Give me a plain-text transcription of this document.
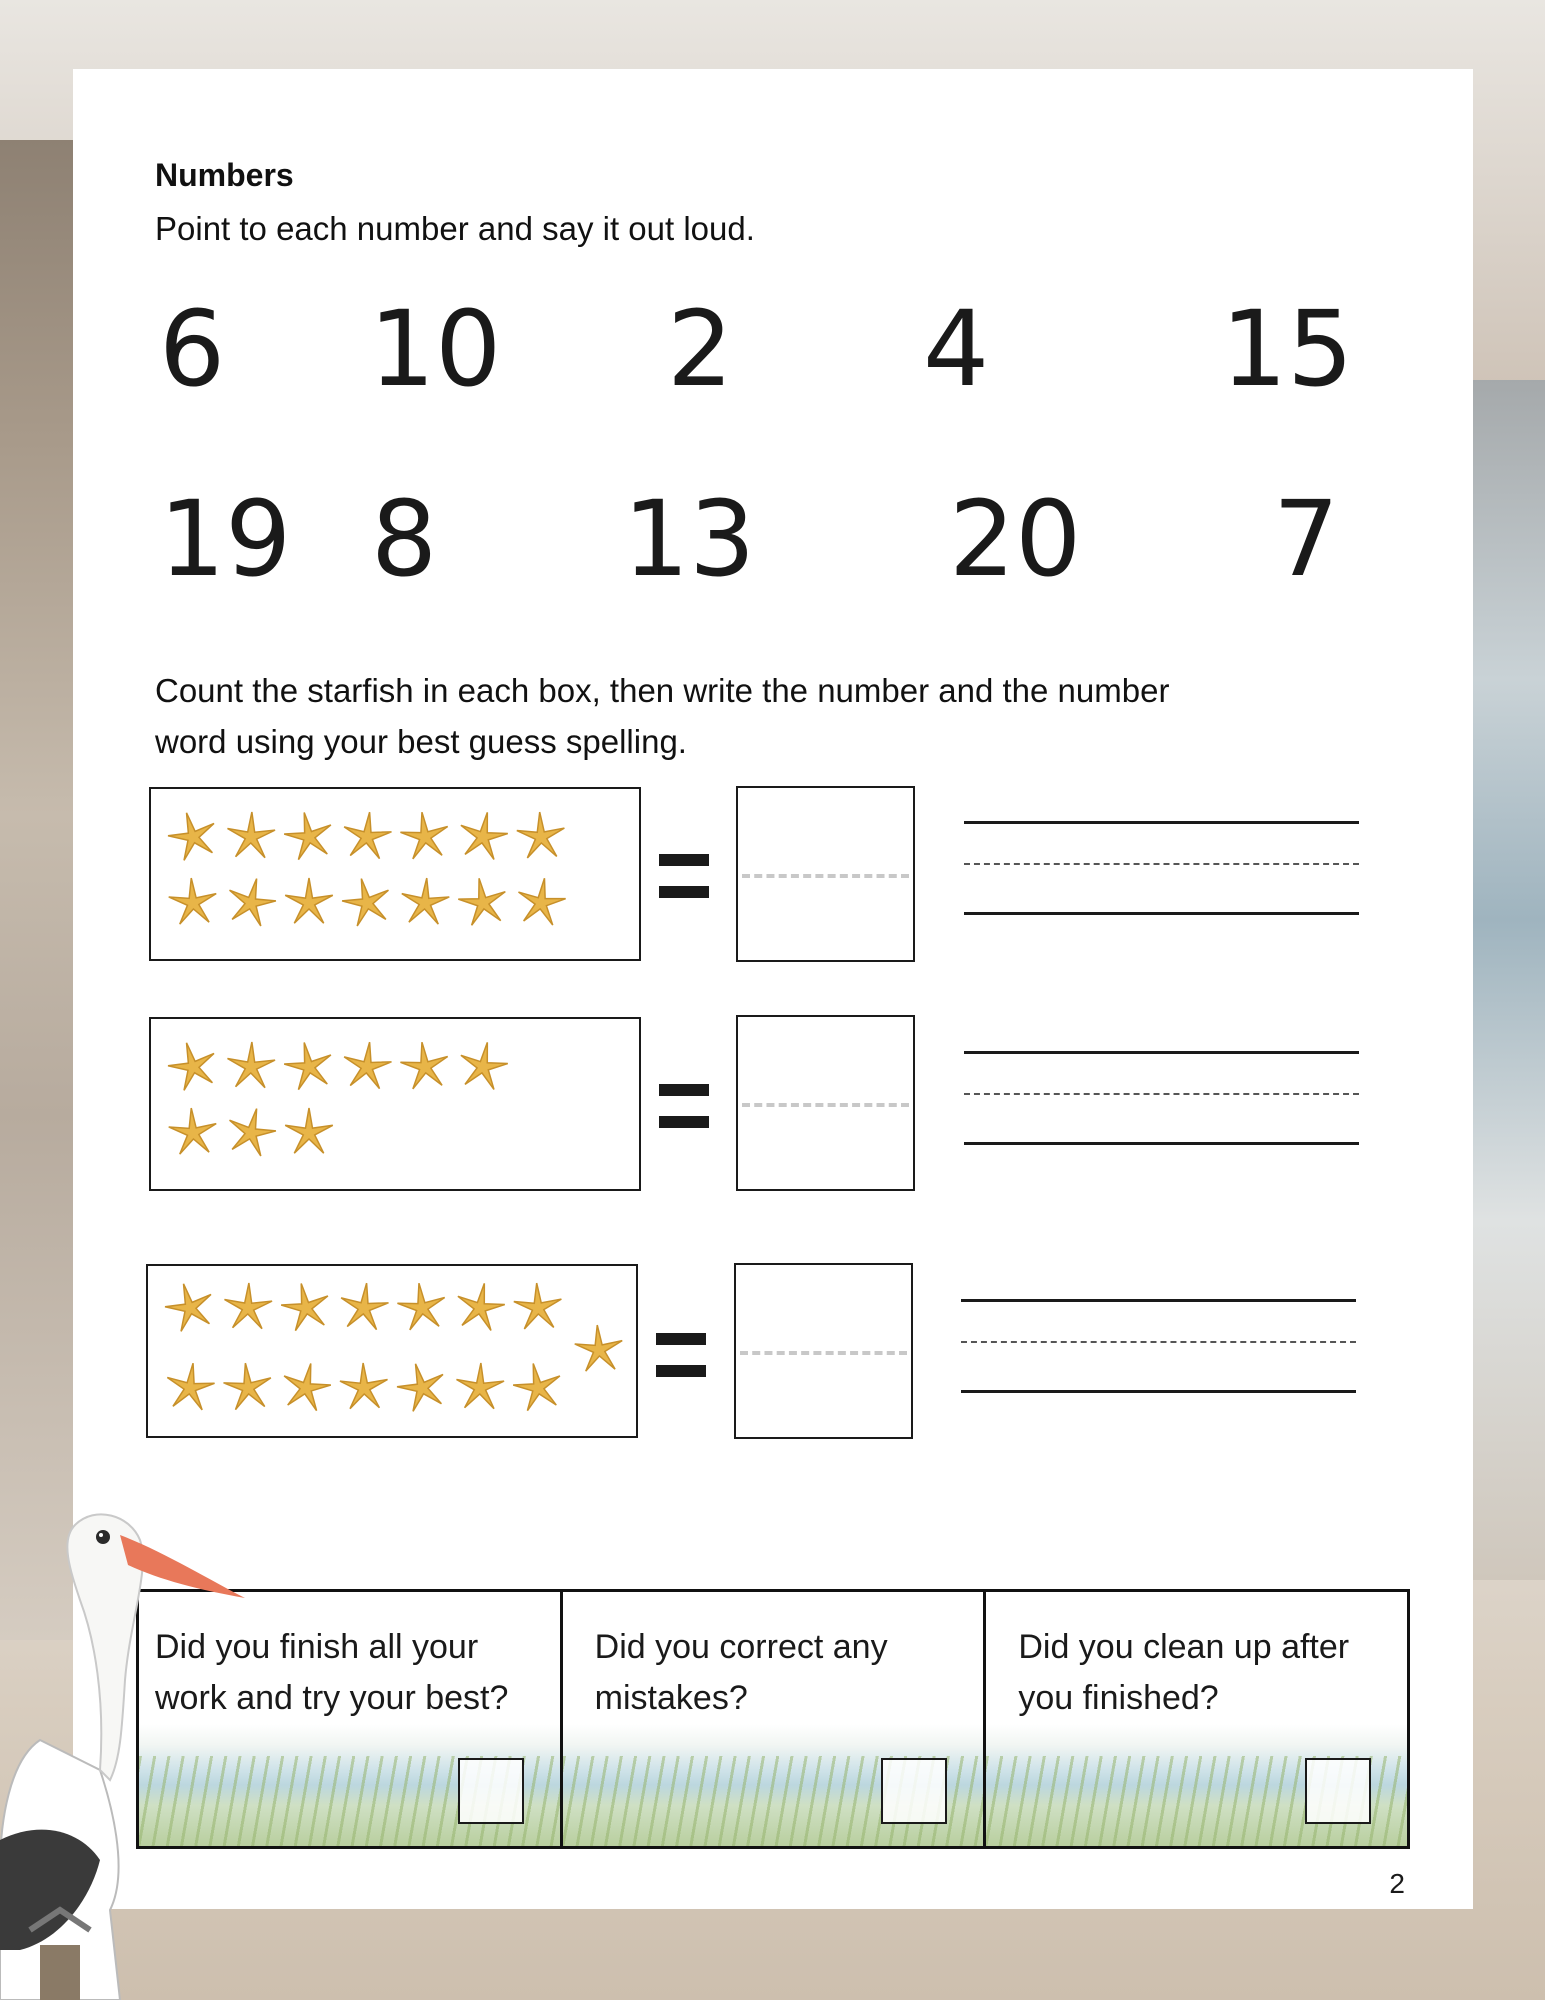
Numbers

Point to each number and say it out loud.

6 10 2 4 15
19 8 13 20 7

Count the starfish in each box, then write the number and the number

word using your best guess spelling.

Did you finish all your work and try your best?

Did you correct any mistakes?

Did you clean up after you finished?

2
